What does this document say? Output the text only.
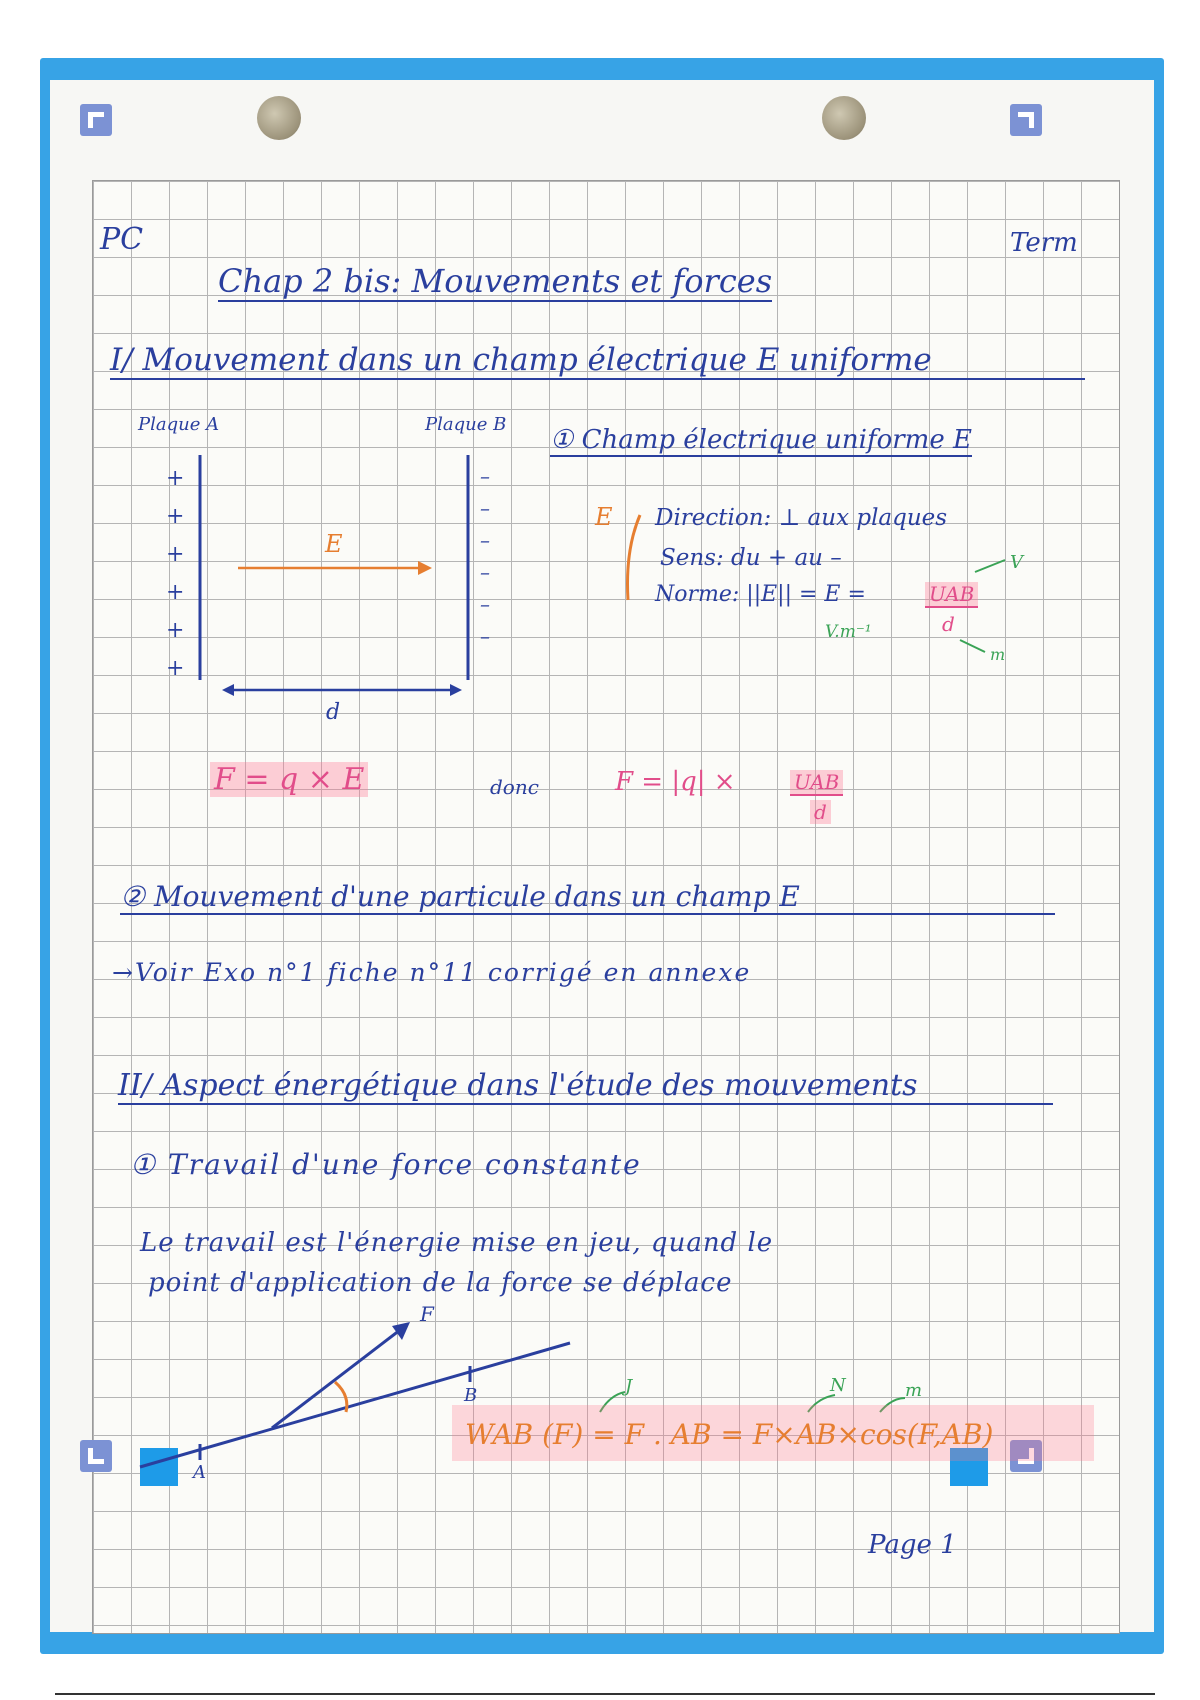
PC	Term
Chap 2 bis: Mouvements et forces
I/ Mouvement dans un champ électrique E uniforme
Plaque A	Plaque B
+
+
+
+
+
+
–
–
–
–
–
–
E
d
① Champ électrique uniforme E
E Direction: ⊥ aux plaques
Sens: du + au –
Norme: ||E|| = E =	UAB
d
V
V.m⁻¹
m
F = q × E	donc	F = |q| ×	UAB
d
② Mouvement d'une particule dans un champ E
→Voir Exo n°1 fiche n°11 corrigé en annexe
II/ Aspect énergétique dans l'étude des mouvements
① Travail d'une force constante
Le travail est l'énergie mise en jeu, quand le
point d'application de la force se déplace
A
B
F
J	N	m
WAB (F) = F . AB = F×AB×cos(F,AB)
Page 1
